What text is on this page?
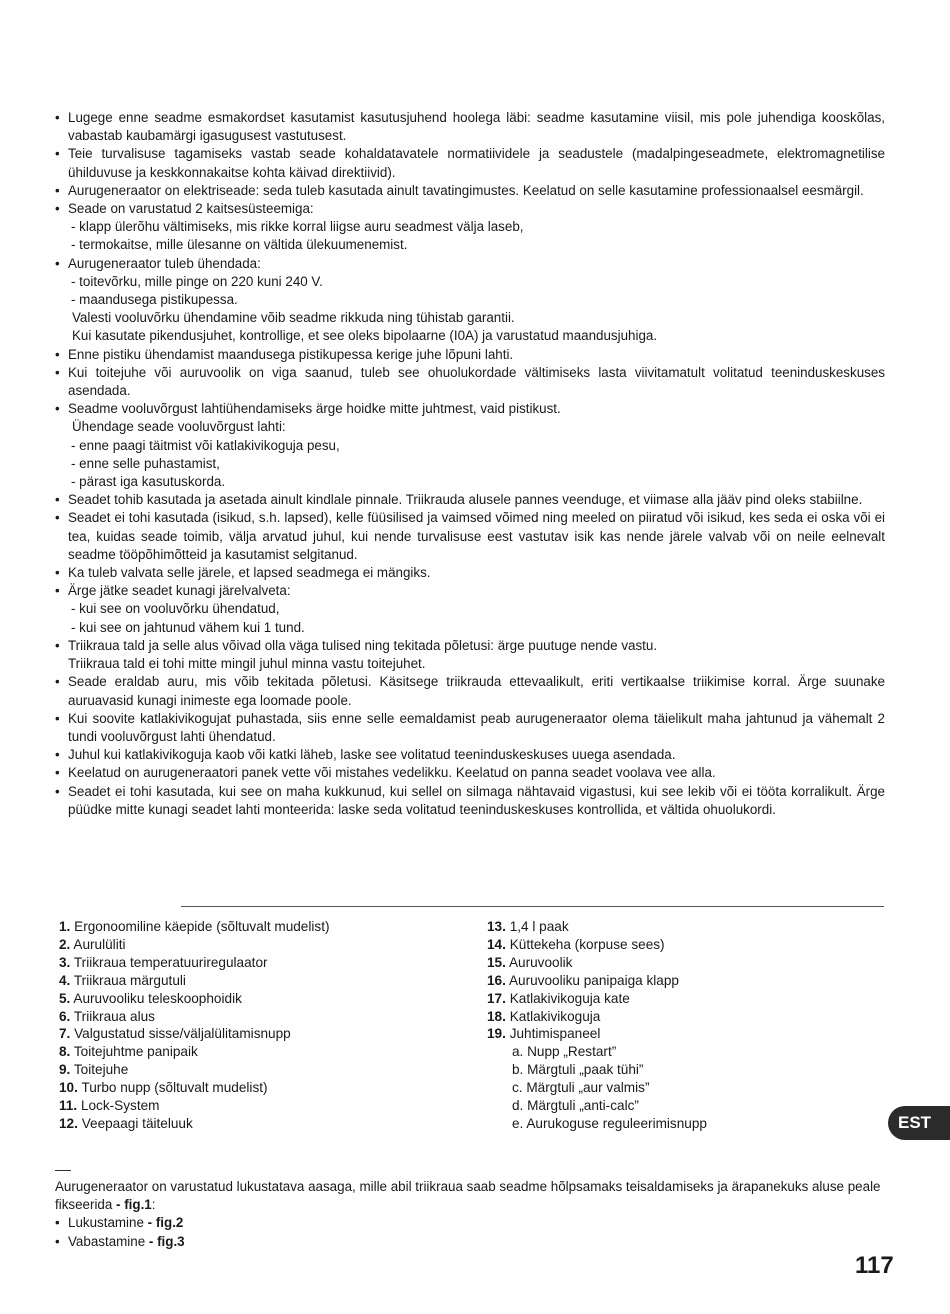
• Lugege enne seadme esmakordset kasutamist kasutusjuhend hoolega läbi: seadme kasutamine viisil, mis pole juhendiga kooskõlas, vabastab kaubamärgi igasugusest vastutusest.
• Teie turvalisuse tagamiseks vastab seade kohaldatavatele normatiividele ja seadustele (madalpingeseadmete, elektromagnetilise ühilduvuse ja keskkonnakaitse kohta käivad direktiivid).
• Aurugeneraator on elektriseade: seda tuleb kasutada ainult tavatingimustes. Keelatud on selle kasutamine professionaalsel eesmärgil.
• Seade on varustatud 2 kaitsesüsteemiga:
- klapp ülerõhu vältimiseks, mis rikke korral liigse auru seadmest välja laseb,
- termokaitse, mille ülesanne on vältida ülekuumenemist.
• Aurugeneraator tuleb ühendada:
- toitevõrku, mille pinge on 220 kuni 240 V.
- maandusega pistikupessa.
Valesti vooluvõrku ühendamine võib seadme rikkuda ning tühistab garantii.
Kui kasutate pikendusjuhet, kontrollige, et see oleks bipolaarne (I0A) ja varustatud maandusjuhiga.
• Enne pistiku ühendamist maandusega pistikupessa kerige juhe lõpuni lahti.
• Kui toitejuhe või auruvoolik on viga saanud, tuleb see ohuolukordade vältimiseks lasta viivitamatult volitatud teeninduskeskuses asendada.
• Seadme vooluvõrgust lahtiühendamiseks ärge hoidke mitte juhtmest, vaid pistikust.
Ühendage seade vooluvõrgust lahti:
- enne paagi täitmist või katlakivikoguja pesu,
- enne selle puhastamist,
- pärast iga kasutuskorda.
• Seadet tohib kasutada ja asetada ainult kindlale pinnale. Triikrauda alusele pannes veenduge, et viimase alla jääv pind oleks stabiilne.
• Seadet ei tohi kasutada (isikud, s.h. lapsed), kelle füüsilised ja vaimsed võimed ning meeled on piiratud või isikud, kes seda ei oska või ei tea, kuidas seade toimib, välja arvatud juhul, kui nende turvalisuse eest vastutav isik kas nende järele valvab või on neile eelnevalt seadme tööpõhimõtteid ja kasutamist selgitanud.
• Ka tuleb valvata selle järele, et lapsed seadmega ei mängiks.
• Ärge jätke seadet kunagi järelvalveta:
- kui see on vooluvõrku ühendatud,
- kui see on jahtunud vähem kui 1 tund.
• Triikraua tald ja selle alus võivad olla väga tulised ning tekitada põletusi: ärge puutuge nende vastu.
Triikraua tald ei tohi mitte mingil juhul minna vastu toitejuhet.
• Seade eraldab auru, mis võib tekitada põletusi. Käsitsege triikrauda ettevaalikult, eriti vertikaalse triikimise korral. Ärge suunake auruavasid kunagi inimeste ega loomade poole.
• Kui soovite katlakivikogujat puhastada, siis enne selle eemaldamist peab aurugeneraator olema täielikult maha jahtunud ja vähemalt 2 tundi vooluvõrgust lahti ühendatud.
• Juhul kui katlakivikoguja kaob või katki läheb, laske see volitatud teeninduskeskuses uuega asendada.
• Keelatud on aurugeneraatori panek vette või mistahes vedelikku. Keelatud on panna seadet voolava vee alla.
• Seadet ei tohi kasutada, kui see on maha kukkunud, kui sellel on silmaga nähtavaid vigastusi, kui see lekib või ei tööta korralikult. Ärge püüdke mitte kunagi seadet lahti monteerida: laske seda volitatud teeninduskeskuses kontrollida, et vältida ohuolukordi.
1. Ergonoomiline käepide (sõltuvalt mudelist)
2. Aurulüliti
3. Triikraua temperatuuriregulaator
4. Triikraua märgutuli
5. Auruvooliku teleskoophoidik
6. Triikraua alus
7. Valgustatud sisse/väljalülitamisnupp
8. Toitejuhtme panipaik
9. Toitejuhe
10. Turbo nupp (sõltuvalt mudelist)
11. Lock-System
12. Veepaagi täiteluuk
13. 1,4 l paak
14. Küttekeha (korpuse sees)
15. Auruvoolik
16. Auruvooliku panipaiga klapp
17. Katlakivikoguja kate
18. Katlakivikoguja
19. Juhtimispaneel
a. Nupp „Restart”
b. Märgtuli „paak tühi”
c. Märgtuli „aur valmis”
d. Märgtuli „anti-calc”
e. Aurukoguse reguleerimisnupp	EST
Aurugeneraator on varustatud lukustatava aasaga, mille abil triikraua saab seadme hõlpsamaks teisaldamiseks ja ärapanekuks aluse peale fikseerida - fig.1:
• Lukustamine - fig.2
• Vabastamine - fig.3
117
